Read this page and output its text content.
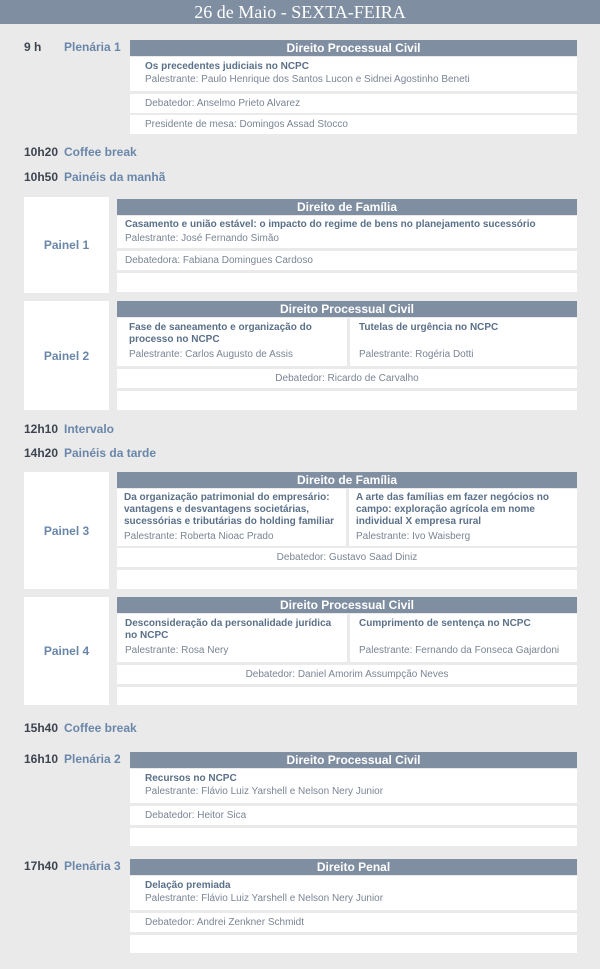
26 de Maio - SEXTA-FEIRA
9 h Plenária 1	Direito Processual Civil
Os precedentes judiciais no NCPC
Palestrante: Paulo Henrique dos Santos Lucon e Sidnei Agostinho Beneti
Debatedor: Anselmo Prieto Alvarez
Presidente de mesa: Domingos Assad Stocco
10h20 Coffee break
10h50 Painéis da manhã
Painel 1
Direito de Família
Casamento e união estável: o impacto do regime de bens no planejamento sucessório
Palestrante: José Fernando Simão
Debatedora: Fabiana Domingues Cardoso
Painel 2
Direito Processual Civil
Fase de saneamento e organização do processo no NCPC
Palestrante: Carlos Augusto de Assis
Tutelas de urgência no NCPC
Palestrante: Rogéria Dotti
Debatedor: Ricardo de Carvalho
12h10 Intervalo
14h20 Painéis da tarde
Painel 3
Direito de Família
Da organização patrimonial do empresário: vantagens e desvantagens societárias, sucessórias e tributárias do holding familiar
Palestrante: Roberta Nioac Prado
A arte das famílias em fazer negócios no campo: exploração agrícola em nome individual X empresa rural
Palestrante: Ivo Waisberg
Debatedor: Gustavo Saad Diniz
Painel 4
Direito Processual Civil
Desconsideração da personalidade jurídica no NCPC
Palestrante: Rosa Nery
Cumprimento de sentença no NCPC
Palestrante: Fernando da Fonseca Gajardoni
Debatedor: Daniel Amorim Assumpção Neves
15h40 Coffee break
16h10 Plenária 2	Direito Processual Civil
Recursos no NCPC
Palestrante: Flávio Luiz Yarshell e Nelson Nery Junior
Debatedor: Heitor Sica
17h40 Plenária 3	Direito Penal
Delação premiada
Palestrante: Flávio Luiz Yarshell e Nelson Nery Junior
Debatedor: Andrei Zenkner Schmidt
